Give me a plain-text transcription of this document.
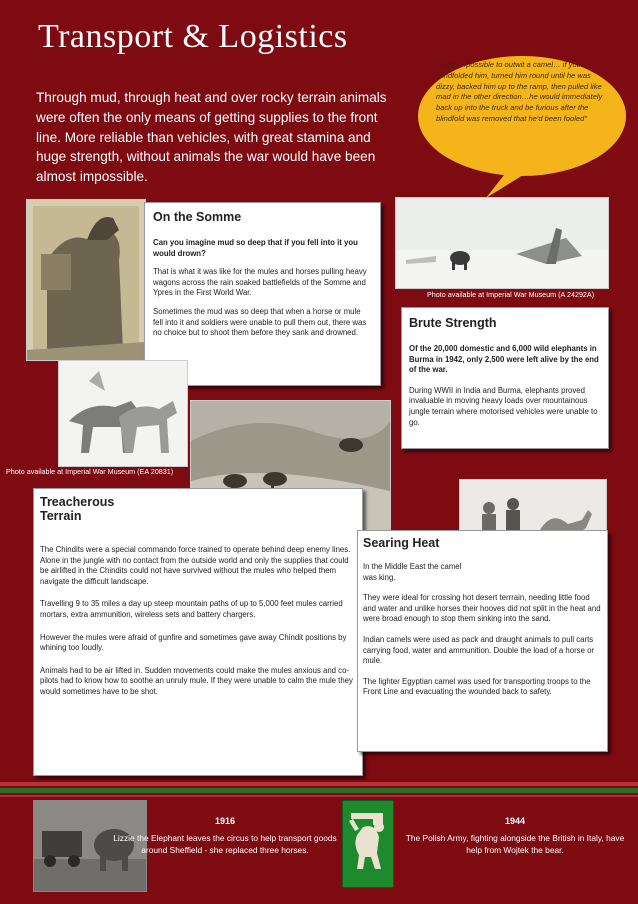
Transport & Logistics
Through mud, through heat and over rocky terrain animals were often the only means of getting supplies to the front line. More reliable than vehicles, with great stamina and huge strength, without animals the war would have been almost impossible.
"It was…possible to outwit a camel… if you blindfolded him, turned him round until he was dizzy, backed him up to the ramp, then pulled like mad in the other direction…he would immediately back up into the truck and be furious after the blindfold was removed that he'd been fooled"
On the Somme

Can you imagine mud so deep that if you fell into it you would drown?

That is what it was like for the mules and horses pulling heavy wagons across the rain soaked battlefields of the Somme and Ypres in the First World War.

Sometimes the mud was so deep that when a horse or mule fell into it and soldiers were unable to pull them out, there was no choice but to shoot them before they sank and drowned.

Photo available at Imperial War Museum (A 24292A)
Brute Strength

Of the 20,000 domestic and 6,000 wild elephants in Burma in 1942, only 2,500 were left alive by the end of the war.

During WWII in India and Burma, elephants proved invaluable in moving heavy loads over mountainous jungle terrain where motorised vehicles were unable to go.

Photo available at Imperial War Museum (EA 20831)
Treacherous
Terrain

The Chindits were a special commando force trained to operate behind deep enemy lines. Alone in the jungle with no contact from the outside world and only the supplies that could be airlifted in the Chindits could not have survived without the mules who helped them navigate the difficult landscape.

Travelling 9 to 35 miles a day up steep mountain paths of up to 5,000 feet mules carried mortars, extra ammunition, wireless sets and battery chargers.

However the mules were afraid of gunfire and sometimes gave away Chindit positions by whining too loudly.

Animals had to be air lifted in. Sudden movements could make the mules anxious and co-pilots had to know how to soothe an unruly mule. If they were unable to calm the mule they would sometimes have to be shot.

Searing Heat

In the Middle East the camel was king.

They were ideal for crossing hot desert terrrain, needing little food and water and unlike horses their hooves did not split in the heat and were broad enough to stop them sinking into the sand.

Indian camels were used as pack and draught animals to pull carts carrying food, water and ammunition. Double the load of a horse or mule.

The lighter Egyptian camel was used for transporting troops to the Front Line and evacuating the wounded back to safety.

1916
Lizzie the Elephant leaves the circus to help transport goods around Sheffield - she replaced three horses.
1944
The Polish Army, fighting alongside the British in Italy, have help from Wojtek the bear.
